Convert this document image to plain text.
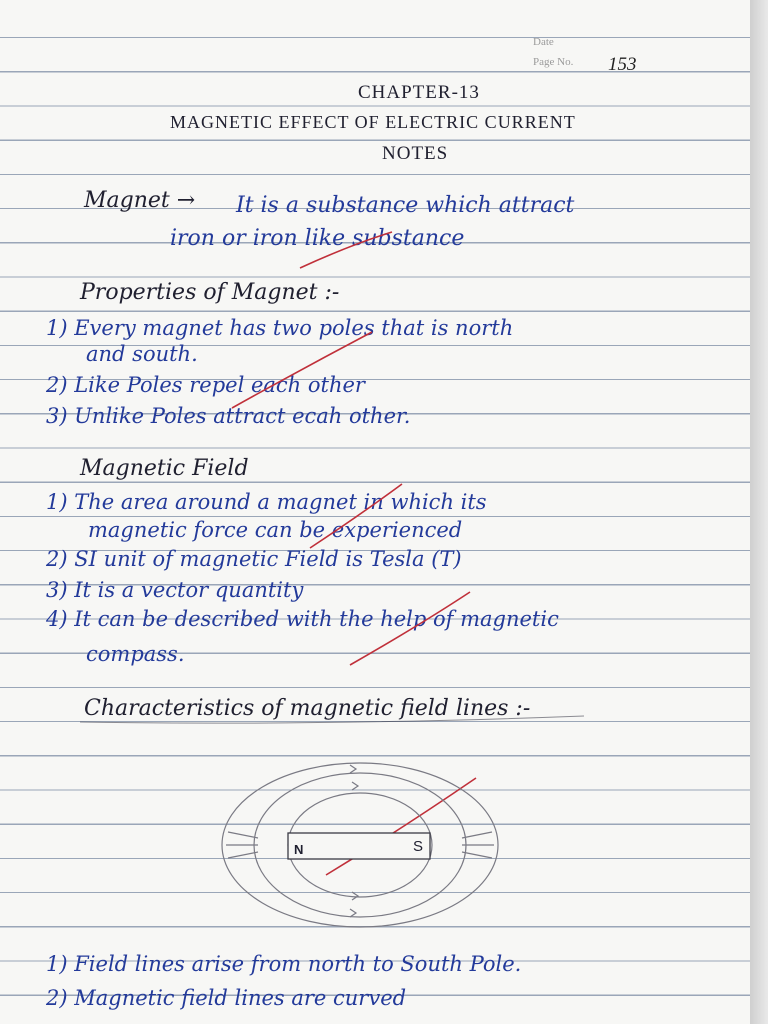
Date
Page No. 153
CHAPTER-13
MAGNETIC EFFECT OF ELECTRIC CURRENT
NOTES
Magnet → It is a substance which attract
iron or iron like substance
Properties of Magnet :-
1) Every magnet has two poles that is north
and south.
2) Like Poles repel each other
3) Unlike Poles attract ecah other.
Magnetic Field
1) The area around a magnet in which its
magnetic force can be experienced
2) SI unit of magnetic Field is Tesla (T)
3) It is a vector quantity
4) It can be described with the help of magnetic
compass.
Characteristics of magnetic field lines :-
N	S
1) Field lines arise from north to South Pole.
2) Magnetic field lines are curved
